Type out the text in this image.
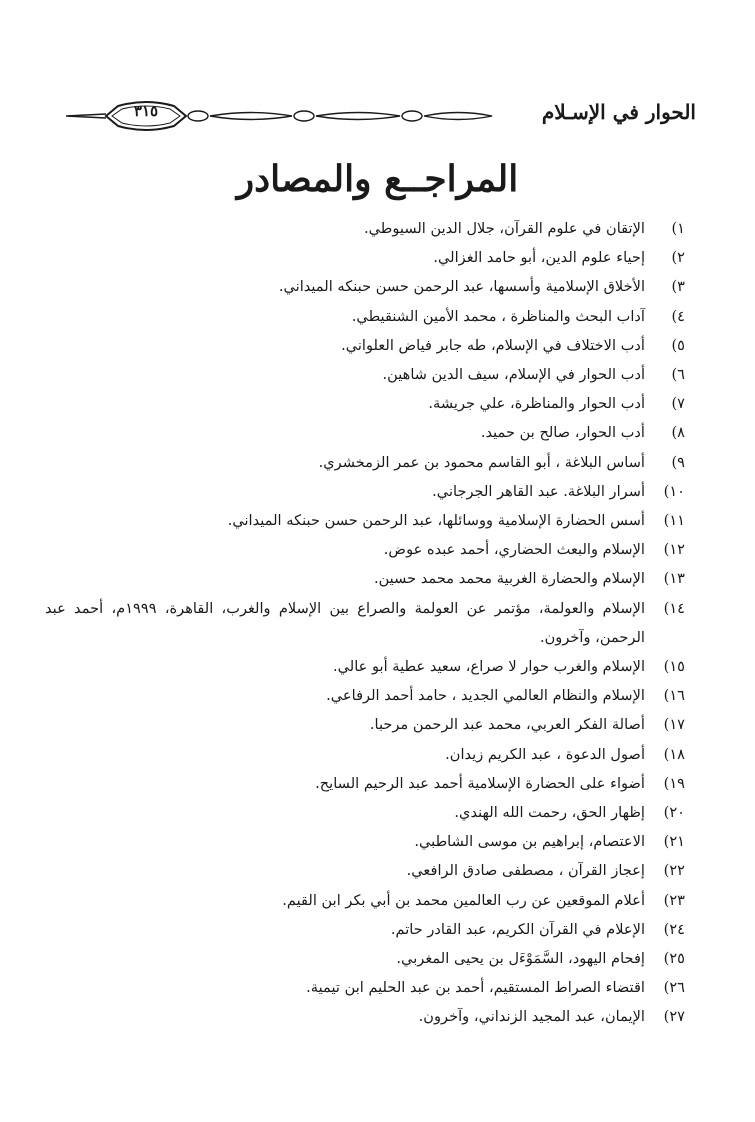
٣١٥	الحوار في الإسـلام
المراجــع والمصادر
١)
الإتقان في علوم القرآن، جلال الدين السيوطي.
٢)
إحياء علوم الدين، أبو حامد الغزالي.
٣)
الأخلاق الإسلامية وأسسها، عبد الرحمن حسن حبنكه الميداني.
٤)
آداب البحث والمناظرة ، محمد الأمين الشنقيطي.
٥)
أدب الاختلاف في الإسلام، طه جابر فياض العلواني.
٦)
أدب الحوار في الإسلام، سيف الدين شاهين.
٧)
أدب الحوار والمناظرة، علي جريشة.
٨)
أدب الحوار، صالح بن حميد.
٩)
أساس البلاغة ، أبو القاسم محمود بن عمر الزمخشري.
١٠)
أسرار البلاغة. عبد القاهر الجرجاني.
١١)
أسس الحضارة الإسلامية ووسائلها، عبد الرحمن حسن حبنكه الميداني.
١٢)
الإسلام والبعث الحضاري، أحمد عبده عوض.
١٣)
الإسلام والحضارة الغربية محمد محمد حسين.
١٤)
الإسلام والعولمة، مؤتمر عن العولمة والصراع بين الإسلام والغرب، القاهرة، ١٩٩٩م، أحمد عبد الرحمن، وآخرون.
١٥)
الإسلام والغرب حوار لا صراع، سعيد عطية أبو عالي.
١٦)
الإسلام والنظام العالمي الجديد ، حامد أحمد الرفاعي.
١٧)
أصالة الفكر العربي، محمد عبد الرحمن مرحبا.
١٨)
أصول الدعوة ، عبد الكريم زيدان.
١٩)
أضواء على الحضارة الإسلامية أحمد عبد الرحيم السايح.
٢٠)
إظهار الحق، رحمت الله الهندي.
٢١)
الاعتصام، إبراهيم بن موسى الشاطبي.
٢٢)
إعجاز القرآن ، مصطفى صادق الرافعي.
٢٣)
أعلام الموقعين عن رب العالمين محمد بن أبي بكر ابن القيم.
٢٤)
الإعلام في القرآن الكريم، عبد القادر حاتم.
٢٥)
إفحام اليهود، السَّمَوْءَل بن يحيى المغربي.
٢٦)
اقتضاء الصراط المستقيم، أحمد بن عبد الحليم ابن تيمية.
٢٧)
الإيمان، عبد المجيد الزنداني، وآخرون.
